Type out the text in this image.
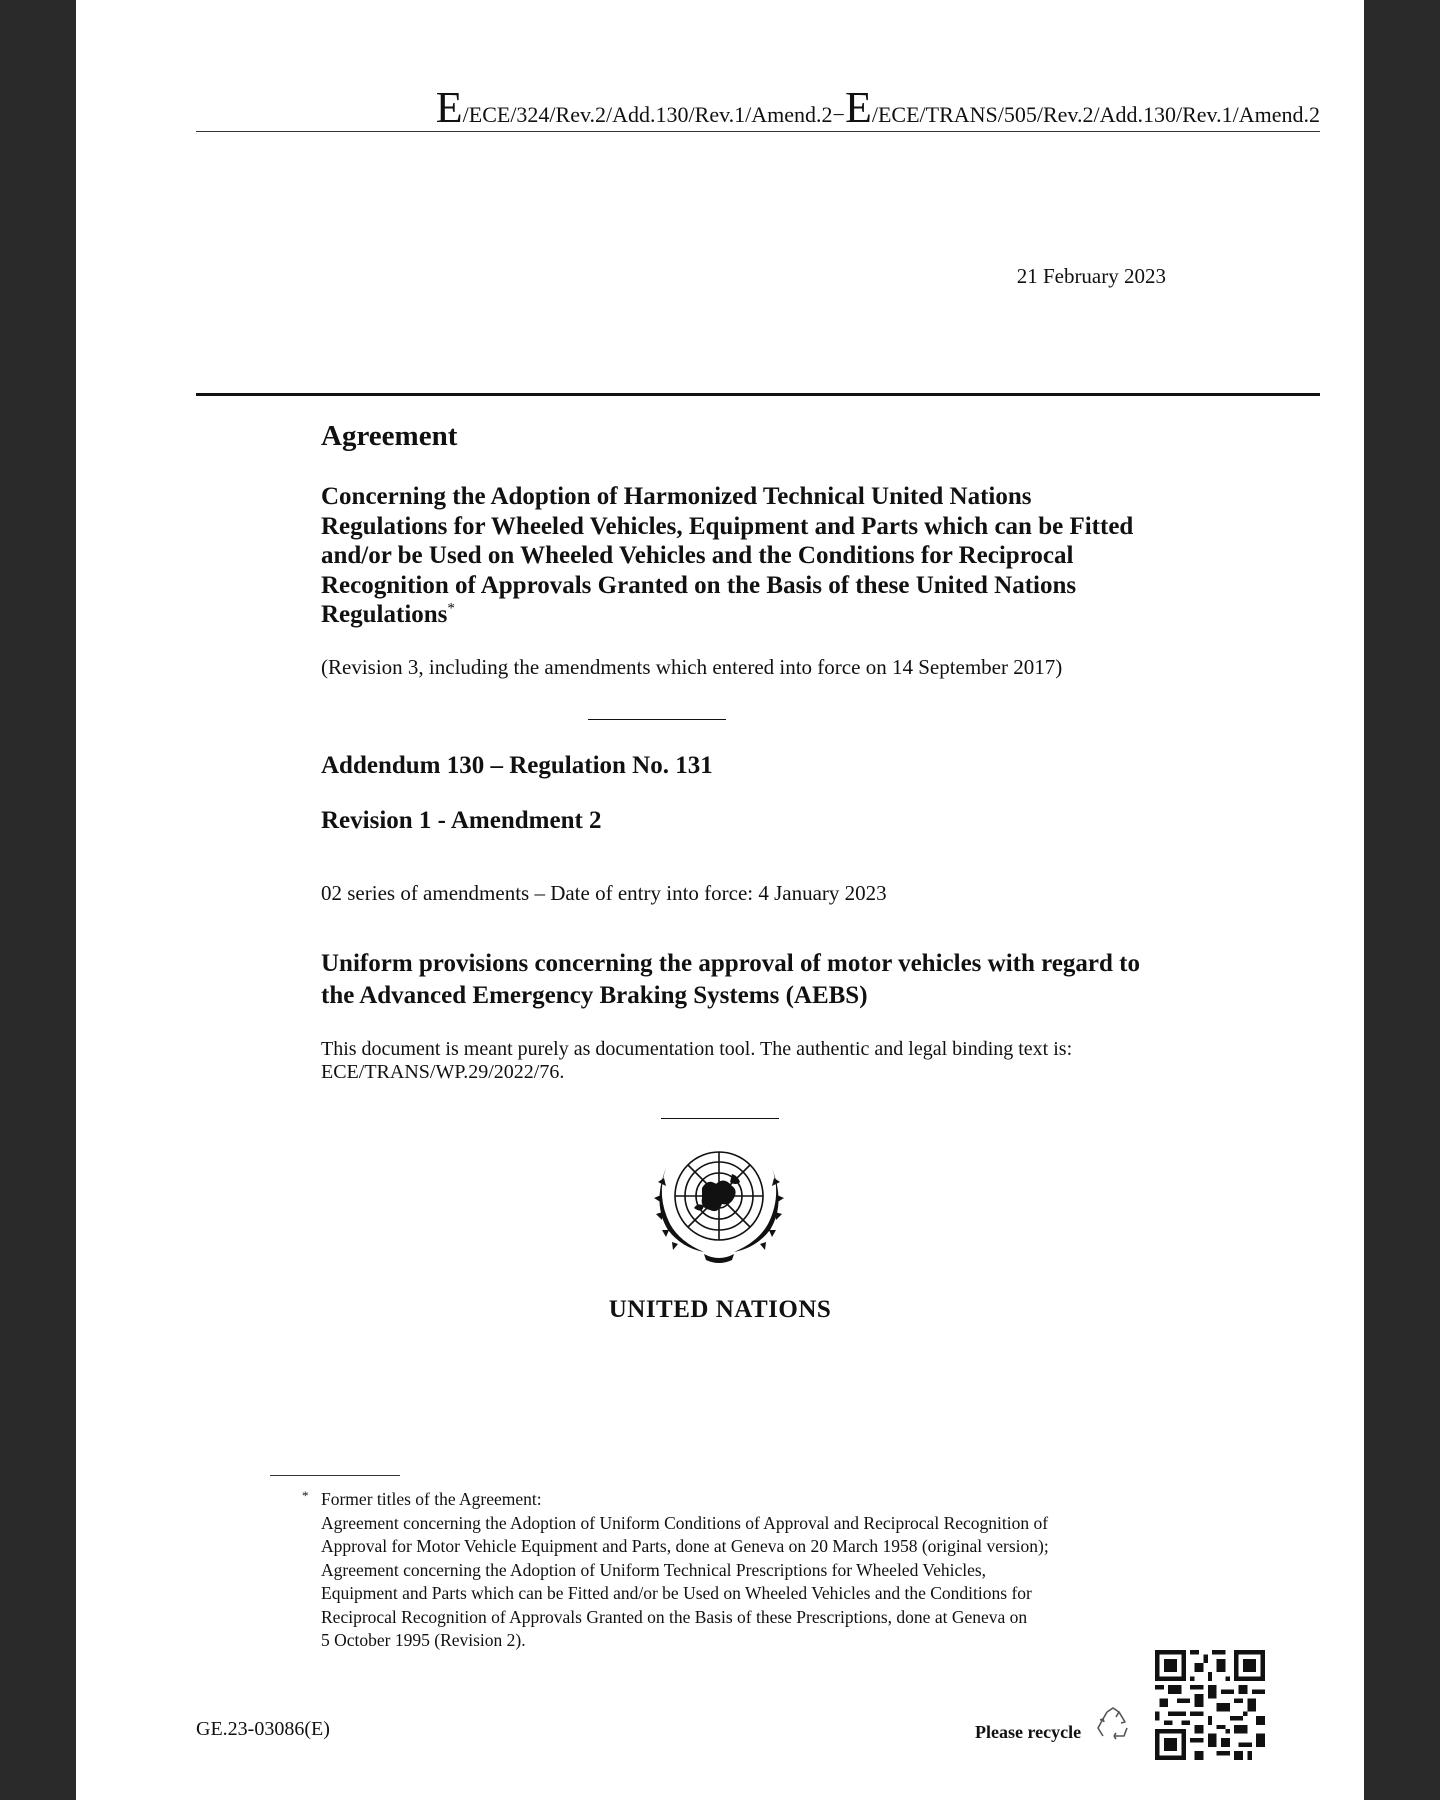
E/ECE/324/Rev.2/Add.130/Rev.1/Amend.2−E/ECE/TRANS/505/Rev.2/Add.130/Rev.1/Amend.2
21 February 2023
Agreement
Concerning the Adoption of Harmonized Technical United Nations Regulations for Wheeled Vehicles, Equipment and Parts which can be Fitted and/or be Used on Wheeled Vehicles and the Conditions for Reciprocal Recognition of Approvals Granted on the Basis of these United Nations Regulations*
(Revision 3, including the amendments which entered into force on 14 September 2017)
Addendum 130 – Regulation No. 131
Revision 1 - Amendment 2
02 series of amendments – Date of entry into force: 4 January 2023
Uniform provisions concerning the approval of motor vehicles with regard to the Advanced Emergency Braking Systems (AEBS)
This document is meant purely as documentation tool. The authentic and legal binding text is: ECE/TRANS/WP.29/2022/76.
UNITED NATIONS
* Former titles of the Agreement:
Agreement concerning the Adoption of Uniform Conditions of Approval and Reciprocal Recognition of
Approval for Motor Vehicle Equipment and Parts, done at Geneva on 20 March 1958 (original version);
Agreement concerning the Adoption of Uniform Technical Prescriptions for Wheeled Vehicles,
Equipment and Parts which can be Fitted and/or be Used on Wheeled Vehicles and the Conditions for
Reciprocal Recognition of Approvals Granted on the Basis of these Prescriptions, done at Geneva on
5 October 1995 (Revision 2).
GE.23-03086(E)	Please recycle
